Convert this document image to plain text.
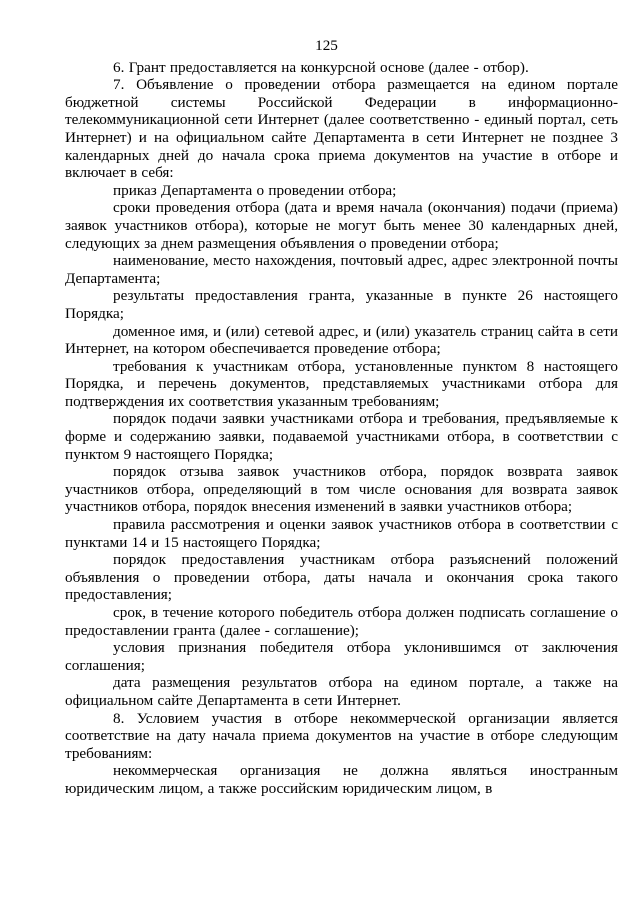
125

6. Грант предоставляется на конкурсной основе (далее - отбор).

7. Объявление о проведении отбора размещается на едином портале бюджетной системы Российской Федерации в информационно-телекоммуникационной сети Интернет (далее соответственно - единый портал, сеть Интернет) и на официальном сайте Департамента в сети Интернет не позднее 3 календарных дней до начала срока приема документов на участие в отборе и включает в себя:

приказ Департамента о проведении отбора;

сроки проведения отбора (дата и время начала (окончания) подачи (приема) заявок участников отбора), которые не могут быть менее 30 календарных дней, следующих за днем размещения объявления о проведении отбора;

наименование, место нахождения, почтовый адрес, адрес электронной почты Департамента;

результаты предоставления гранта, указанные в пункте 26 настоящего Порядка;

доменное имя, и (или) сетевой адрес, и (или) указатель страниц сайта в сети Интернет, на котором обеспечивается проведение отбора;

требования к участникам отбора, установленные пунктом 8 настоящего Порядка, и перечень документов, представляемых участниками отбора для подтверждения их соответствия указанным требованиям;

порядок подачи заявки участниками отбора и требования, предъявляемые к форме и содержанию заявки, подаваемой участниками отбора, в соответствии с пунктом 9 настоящего Порядка;

порядок отзыва заявок участников отбора, порядок возврата заявок участников отбора, определяющий в том числе основания для возврата заявок участников отбора, порядок внесения изменений в заявки участников отбора;

правила рассмотрения и оценки заявок участников отбора в соответствии с пунктами 14 и 15 настоящего Порядка;

порядок предоставления участникам отбора разъяснений положений объявления о проведении отбора, даты начала и окончания срока такого предоставления;

срок, в течение которого победитель отбора должен подписать соглашение о предоставлении гранта (далее - соглашение);

условия признания победителя отбора уклонившимся от заключения соглашения;

дата размещения результатов отбора на едином портале, а также на официальном сайте Департамента в сети Интернет.

8. Условием участия в отборе некоммерческой организации является соответствие на дату начала приема документов на участие в отборе следующим требованиям:

некоммерческая организация не должна являться иностранным юридическим лицом, а также российским юридическим лицом, в
